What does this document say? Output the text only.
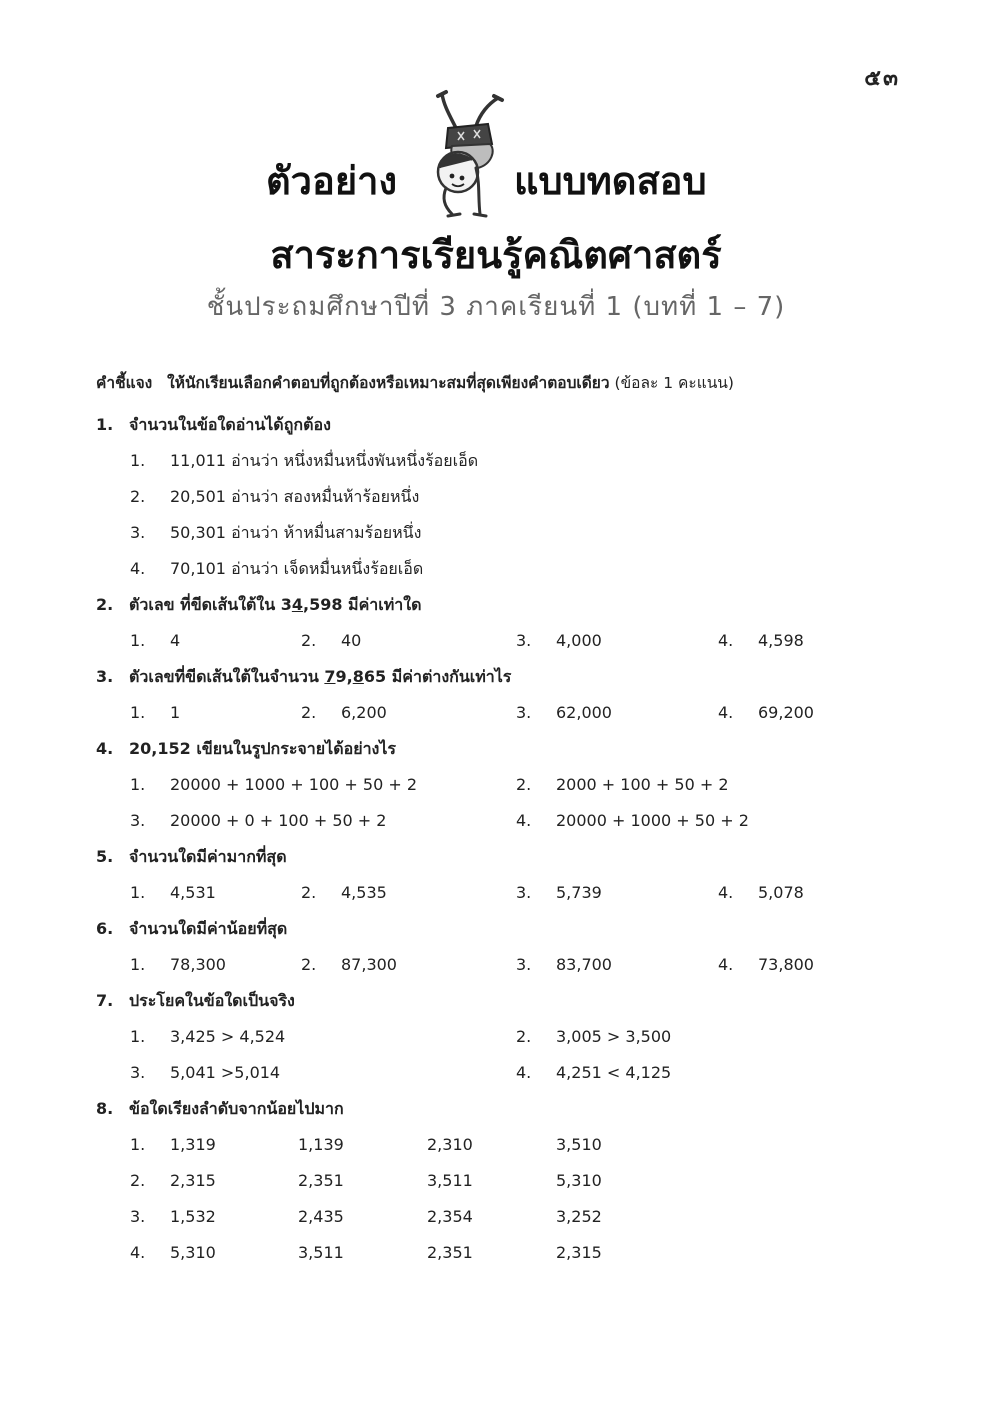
๕๓
ตัวอย่าง	แบบทดสอบ
สาระการเรียนรู้คณิตศาสตร์
ชั้นประถมศึกษาปีที่ 3 ภาคเรียนที่ 1 (บทที่ 1 – 7)
คำชี้แจง ให้นักเรียนเลือกคำตอบที่ถูกต้องหรือเหมาะสมที่สุดเพียงคำตอบเดียว (ข้อละ 1 คะแนน)
1. จำนวนในข้อใดอ่านได้ถูกต้อง
1. 11,011 อ่านว่า หนึ่งหมื่นหนึ่งพันหนึ่งร้อยเอ็ด
2. 20,501 อ่านว่า สองหมื่นห้าร้อยหนึ่ง
3. 50,301 อ่านว่า ห้าหมื่นสามร้อยหนึ่ง
4. 70,101 อ่านว่า เจ็ดหมื่นหนึ่งร้อยเอ็ด
2. ตัวเลข ที่ขีดเส้นใต้ใน 34,598 มีค่าเท่าใด
1. 4	2. 40	3. 4,000	4. 4,598
3. ตัวเลขที่ขีดเส้นใต้ในจำนวน 79,865 มีค่าต่างกันเท่าไร
1. 1	2. 6,200	3. 62,000	4. 69,200
4. 20,152 เขียนในรูปกระจายได้อย่างไร
1. 20000 + 1000 + 100 + 50 + 2	2. 2000 + 100 + 50 + 2
3. 20000 + 0 + 100 + 50 + 2	4. 20000 + 1000 + 50 + 2
5. จำนวนใดมีค่ามากที่สุด
1. 4,531	2. 4,535	3. 5,739	4. 5,078
6. จำนวนใดมีค่าน้อยที่สุด
1. 78,300	2. 87,300	3. 83,700	4. 73,800
7. ประโยคในข้อใดเป็นจริง
1. 3,425 > 4,524	2. 3,005 > 3,500
3. 5,041 >5,014	4. 4,251 < 4,125
8. ข้อใดเรียงลำดับจากน้อยไปมาก
1. 1,319	1,139	2,310	3,510
2. 2,315	2,351	3,511	5,310
3. 1,532	2,435	2,354	3,252
4. 5,310	3,511	2,351	2,315
